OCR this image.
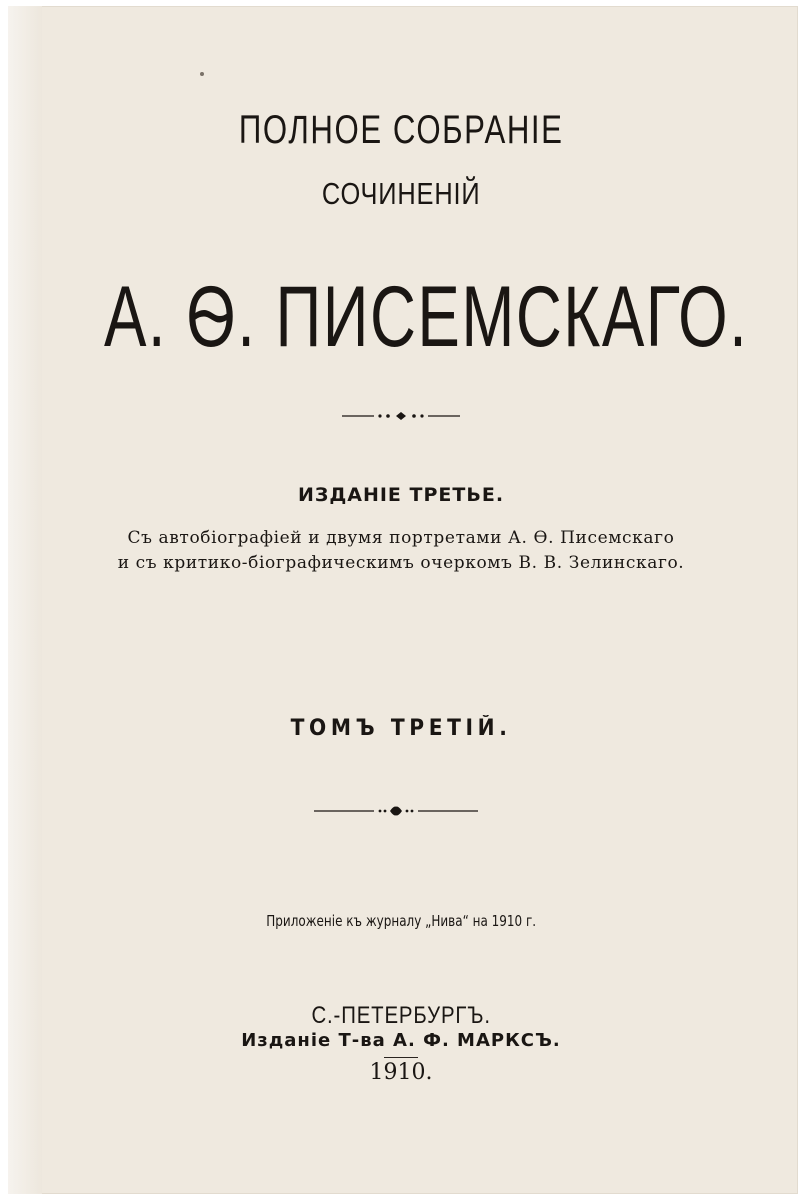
ПОЛНОЕ СОБРАНІЕ
СОЧИНЕНІЙ
А. Ѳ. ПИСЕМСКАГО.
ИЗДАНІЕ ТРЕТЬЕ.
Съ автобіографіей и двумя портретами А. Ѳ. Писемскаго
и съ критико-біографическимъ очеркомъ В. В. Зелинскаго.
ТОМЪ ТРЕТІЙ.
Приложеніе къ журналу „Нива“ на 1910 г.
С.-ПЕТЕРБУРГЪ.
Изданіе Т-ва А. Ф. МАРКСЪ.
1910.
